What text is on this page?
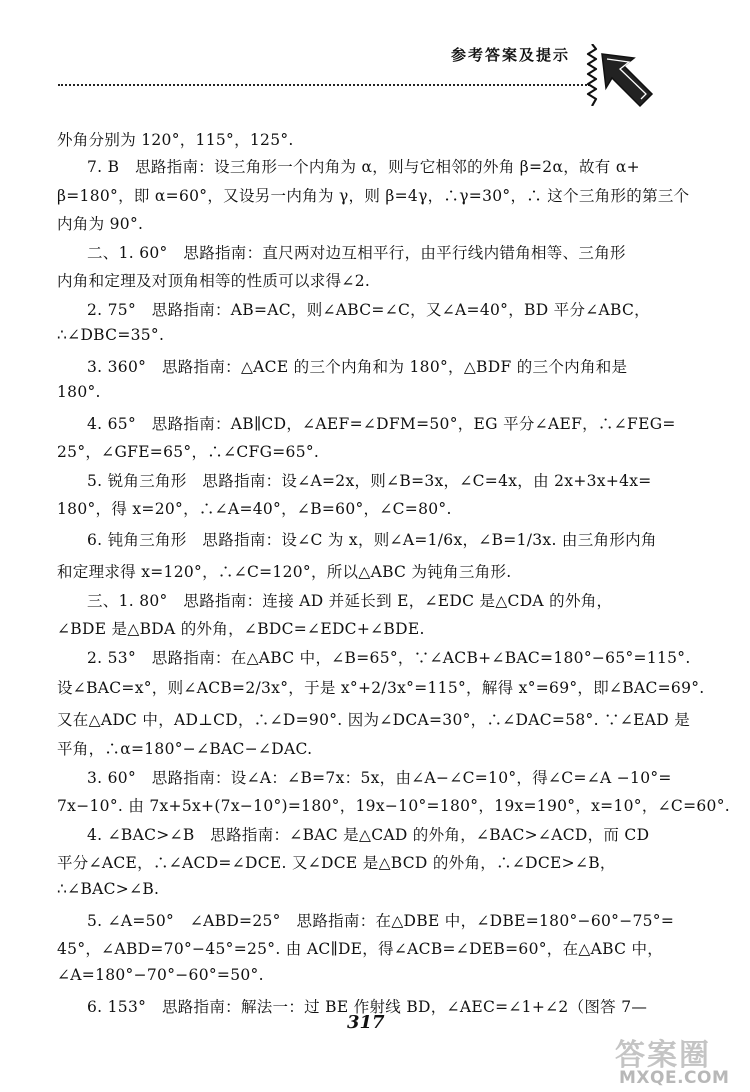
参考答案及提示
外角分别为 120°，115°，125°.
7. B　思路指南：设三角形一个内角为 α，则与它相邻的外角 β=2α，故有 α+
β=180°，即 α=60°，又设另一内角为 γ，则 β=4γ，∴γ=30°，∴ 这个三角形的第三个
内角为 90°.
二、1. 60°　思路指南：直尺两对边互相平行，由平行线内错角相等、三角形
内角和定理及对顶角相等的性质可以求得∠2.
2. 75°　思路指南：AB=AC，则∠ABC=∠C，又∠A=40°，BD 平分∠ABC，
∴∠DBC=35°.
3. 360°　思路指南：△ACE 的三个内角和为 180°，△BDF 的三个内角和是
180°.
4. 65°　思路指南：AB∥CD，∠AEF=∠DFM=50°，EG 平分∠AEF，∴∠FEG=
25°，∠GFE=65°，∴∠CFG=65°.
5. 锐角三角形　思路指南：设∠A=2x，则∠B=3x，∠C=4x，由 2x+3x+4x=
180°，得 x=20°，∴∠A=40°，∠B=60°，∠C=80°.
6. 钝角三角形　思路指南：设∠C 为 x，则∠A=1/6x，∠B=1/3x. 由三角形内角
和定理求得 x=120°，∴∠C=120°，所以△ABC 为钝角三角形.
三、1. 80°　思路指南：连接 AD 并延长到 E，∠EDC 是△CDA 的外角，
∠BDE 是△BDA 的外角，∠BDC=∠EDC+∠BDE.
2. 53°　思路指南：在△ABC 中，∠B=65°，∵∠ACB+∠BAC=180°−65°=115°.
设∠BAC=x°，则∠ACB=2/3x°，于是 x°+2/3x°=115°，解得 x°=69°，即∠BAC=69°.
又在△ADC 中，AD⊥CD，∴∠D=90°. 因为∠DCA=30°，∴∠DAC=58°. ∵∠EAD 是
平角，∴α=180°−∠BAC−∠DAC.
3. 60°　思路指南：设∠A：∠B=7x：5x，由∠A−∠C=10°，得∠C=∠A −10°=
7x−10°. 由 7x+5x+(7x−10°)=180°，19x−10°=180°，19x=190°，x=10°，∠C=60°.
4. ∠BAC>∠B　思路指南：∠BAC 是△CAD 的外角，∠BAC>∠ACD，而 CD
平分∠ACE，∴∠ACD=∠DCE. 又∠DCE 是△BCD 的外角，∴∠DCE>∠B，
∴∠BAC>∠B.
5. ∠A=50°　∠ABD=25°　思路指南：在△DBE 中，∠DBE=180°−60°−75°=
45°，∠ABD=70°−45°=25°. 由 AC∥DE，得∠ACB=∠DEB=60°，在△ABC 中，
∠A=180°−70°−60°=50°.
6. 153°　思路指南：解法一：过 BE 作射线 BD，∠AEC=∠1+∠2（图答 7—
317
答案圈
MXQE.COM
